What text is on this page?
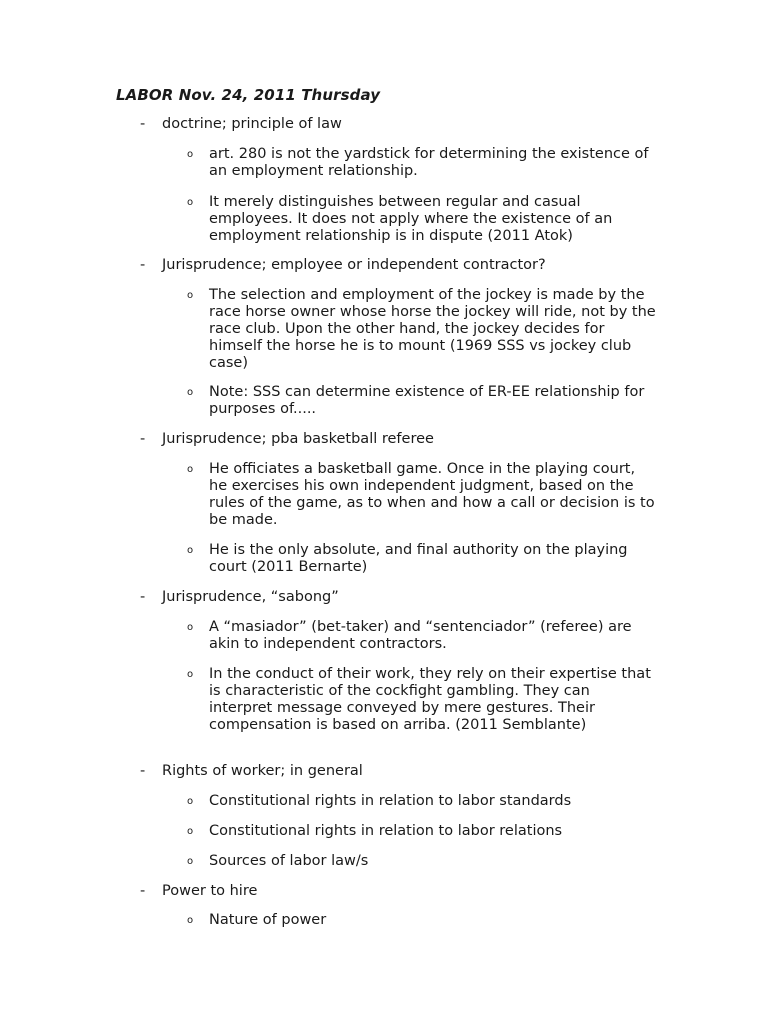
LABOR Nov. 24, 2011 Thursday
- doctrine; principle of law
o art. 280 is not the yardstick for determining the existence of an employment relationship.
o It merely distinguishes between regular and casual employees. It does not apply where the existence of an employment relationship is in dispute (2011 Atok)
- Jurisprudence; employee or independent contractor?
o The selection and employment of the jockey is made by the race horse owner whose horse the jockey will ride, not by the race club. Upon the other hand, the jockey decides for himself the horse he is to mount (1969 SSS vs jockey club case)
o Note: SSS can determine existence of ER-EE relationship for purposes of.....
- Jurisprudence; pba basketball referee
o He officiates a basketball game. Once in the playing court, he exercises his own independent judgment, based on the rules of the game, as to when and how a call or decision is to be made.
o He is the only absolute, and final authority on the playing court (2011 Bernarte)
- Jurisprudence, “sabong”
o A “masiador” (bet-taker) and “sentenciador” (referee) are akin to independent contractors.
o In the conduct of their work, they rely on their expertise that is characteristic of the cockfight gambling. They can interpret message conveyed by mere gestures. Their compensation is based on arriba. (2011 Semblante)
- Rights of worker; in general
o Constitutional rights in relation to labor standards
o Constitutional rights in relation to labor relations
o Sources of labor law/s
- Power to hire
o Nature of power
